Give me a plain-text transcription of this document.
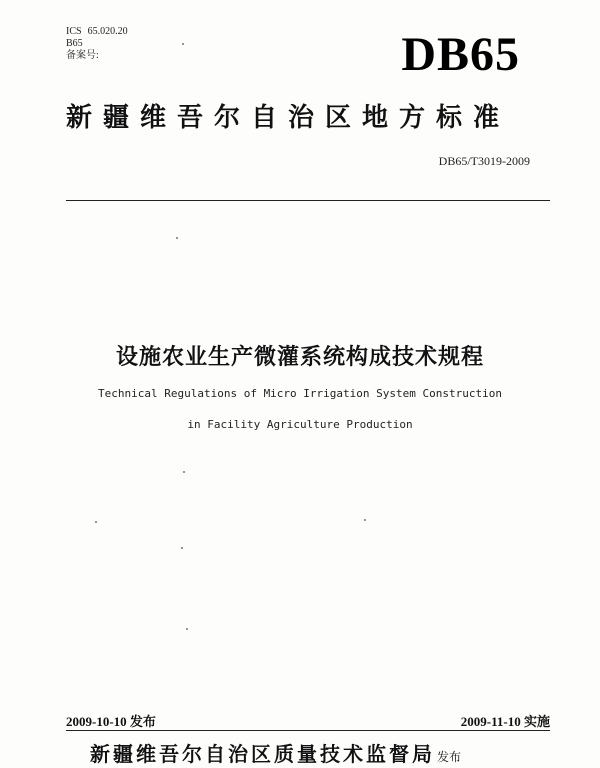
ICS 65.020.20
B65
备案号:	DB65
新疆维吾尔自治区地方标准
DB65/T3019-2009
设施农业生产微灌系统构成技术规程
Technical Regulations of Micro Irrigation System Construction
in Facility Agriculture Production
2009-10-10 发布	2009-11-10 实施
新疆维吾尔自治区质量技术监督局 发布
